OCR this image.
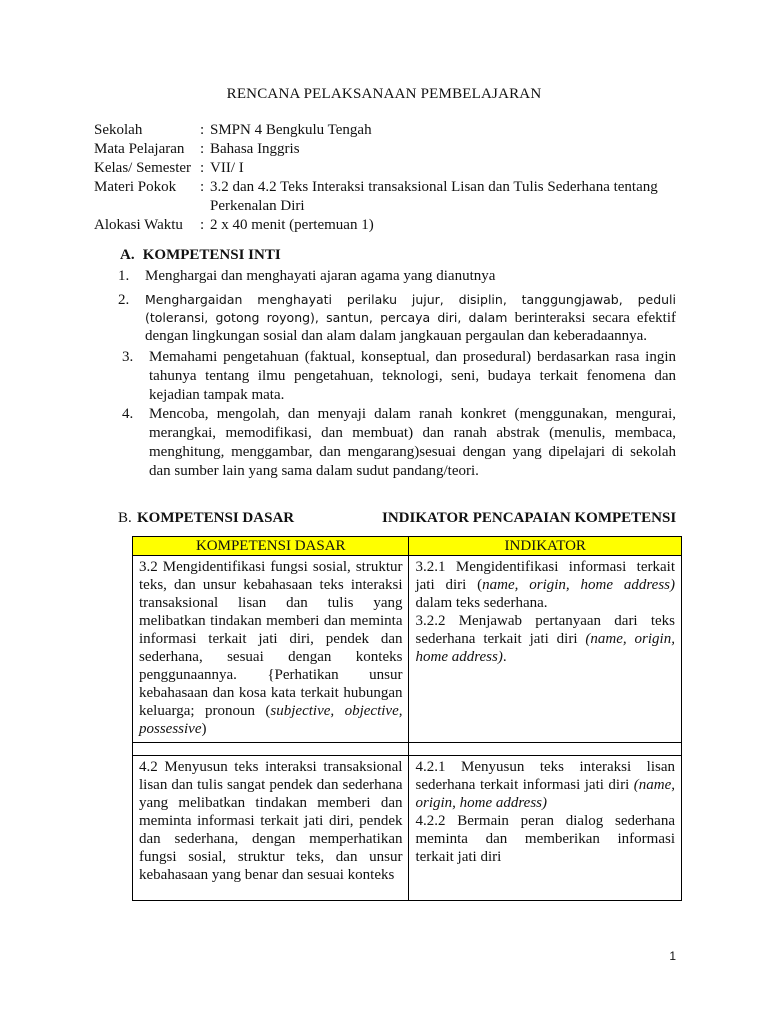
RENCANA PELAKSANAAN PEMBELAJARAN
Sekolah	: SMPN 4 Bengkulu Tengah
Mata Pelajaran	: Bahasa Inggris
Kelas/ Semester : VII/ I
Materi Pokok	: 3.2 dan 4.2 Teks Interaksi transaksional Lisan dan Tulis Sederhana tentang
Perkenalan Diri
Alokasi Waktu	: 2 x 40 menit (pertemuan 1)
A. KOMPETENSI INTI
1.	Menghargai dan menghayati ajaran agama yang dianutnya
2.	Menghargaidan menghayati perilaku jujur, disiplin, tanggungjawab, peduli (toleransi, gotong royong), santun, percaya diri, dalam berinteraksi secara efektif dengan lingkungan sosial dan alam dalam jangkauan pergaulan dan keberadaannya.
3.	Memahami pengetahuan (faktual, konseptual, dan prosedural) berdasarkan rasa ingin tahunya tentang ilmu pengetahuan, teknologi, seni, budaya terkait fenomena dan kejadian tampak mata.
4.	Mencoba, mengolah, dan menyaji dalam ranah konkret (menggunakan, mengurai, merangkai, memodifikasi, dan membuat) dan ranah abstrak (menulis, membaca, menghitung, menggambar, dan mengarang)sesuai dengan yang dipelajari di sekolah dan sumber lain yang sama dalam sudut pandang/teori.
B. KOMPETENSI DASAR	INDIKATOR PENCAPAIAN KOMPETENSI
KOMPETENSI DASAR	INDIKATOR
3.2 Mengidentifikasi fungsi sosial, struktur teks, dan unsur kebahasaan teks interaksi transaksional lisan dan tulis yang melibatkan tindakan memberi dan meminta informasi terkait jati diri, pendek dan sederhana, sesuai dengan konteks penggunaannya. {Perhatikan unsur kebahasaan dan kosa kata terkait hubungan keluarga; pronoun (subjective, objective, possessive)	3.2.1 Mengidentifikasi informasi terkait jati diri (name, origin, home address) dalam teks sederhana.
3.2.2 Menjawab pertanyaan dari teks sederhana terkait jati diri (name, origin, home address).

4.2 Menyusun teks interaksi transaksional lisan dan tulis sangat pendek dan sederhana yang melibatkan tindakan memberi dan meminta informasi terkait jati diri, pendek dan sederhana, dengan memperhatikan fungsi sosial, struktur teks, dan unsur kebahasaan yang benar dan sesuai konteks	4.2.1 Menyusun teks interaksi lisan sederhana terkait informasi jati diri (name, origin, home address)
4.2.2 Bermain peran dialog sederhana meminta dan memberikan informasi terkait jati diri
1
